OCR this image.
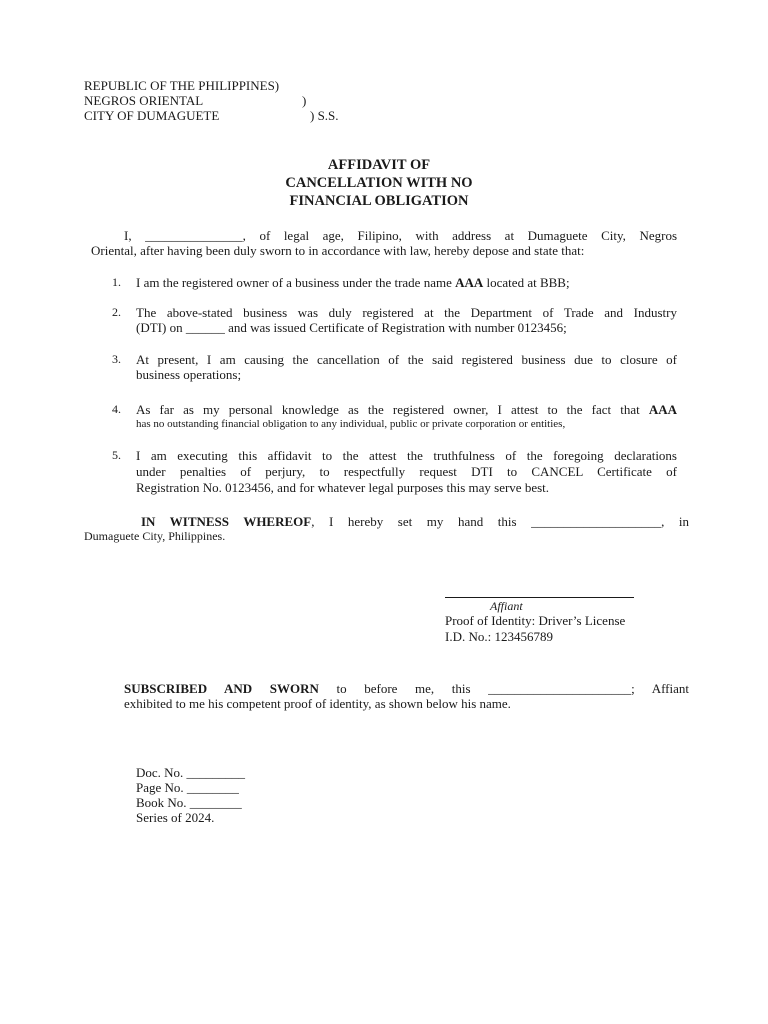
REPUBLIC OF THE PHILIPPINES)
NEGROS ORIENTAL	)
CITY OF DUMAGUETE	) S.S.
AFFIDAVIT OF
CANCELLATION WITH NO
FINANCIAL OBLIGATION
I, _______________, of legal age, Filipino, with address at Dumaguete City, Negros
Oriental, after having been duly sworn to in accordance with law, hereby depose and state that:
1. I am the registered owner of a business under the trade name AAA located at BBB;
2. The above-stated business was duly registered at the Department of Trade and Industry
(DTI) on ______ and was issued Certificate of Registration with number 0123456;
3. At present, I am causing the cancellation of the said registered business due to closure of
business operations;
4. As far as my personal knowledge as the registered owner, I attest to the fact that AAA
has no outstanding financial obligation to any individual, public or private corporation or entities,
5. I am executing this affidavit to the attest the truthfulness of the foregoing declarations
under penalties of perjury, to respectfully request DTI to CANCEL Certificate of
Registration No. 0123456, and for whatever legal purposes this may serve best.
IN WITNESS WHEREOF, I hereby set my hand this ____________________, in
Dumaguete City, Philippines.
Affiant
Proof of Identity: Driver’s License
I.D. No.: 123456789
SUBSCRIBED AND SWORN to before me, this ______________________; Affiant
exhibited to me his competent proof of identity, as shown below his name.
Doc. No. _________
Page No. ________
Book No. ________
Series of 2024.
